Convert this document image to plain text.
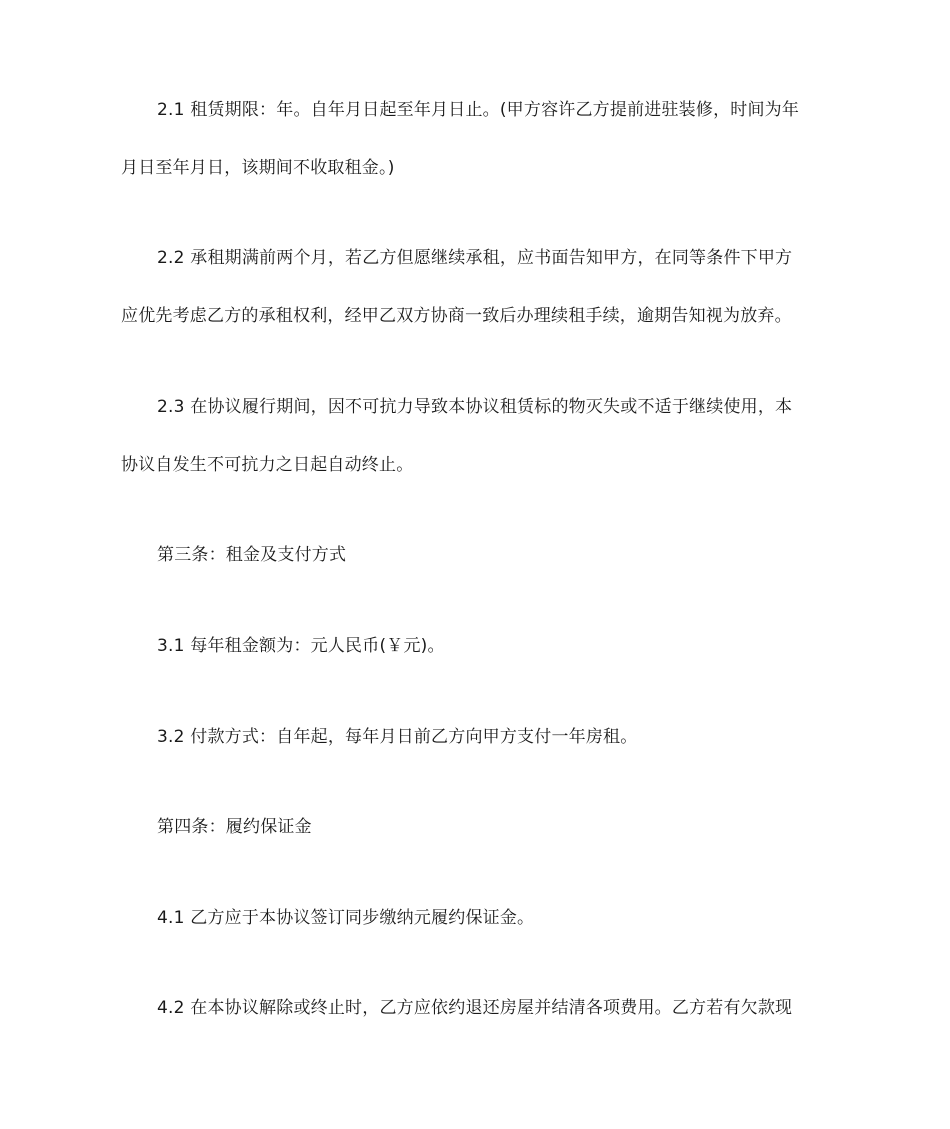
2.1 租赁期限：年。自年月日起至年月日止。(甲方容许乙方提前进驻装修，时间为年
月日至年月日，该期间不收取租金。)
2.2 承租期满前两个月，若乙方但愿继续承租，应书面告知甲方，在同等条件下甲方
应优先考虑乙方的承租权利，经甲乙双方协商一致后办理续租手续，逾期告知视为放弃。
2.3 在协议履行期间，因不可抗力导致本协议租赁标的物灭失或不适于继续使用，本
协议自发生不可抗力之日起自动终止。
第三条：租金及支付方式
3.1 每年租金额为：元人民币(￥元)。
3.2 付款方式：自年起，每年月日前乙方向甲方支付一年房租。
第四条：履约保证金
4.1 乙方应于本协议签订同步缴纳元履约保证金。
4.2 在本协议解除或终止时，乙方应依约退还房屋并结清各项费用。乙方若有欠款现
